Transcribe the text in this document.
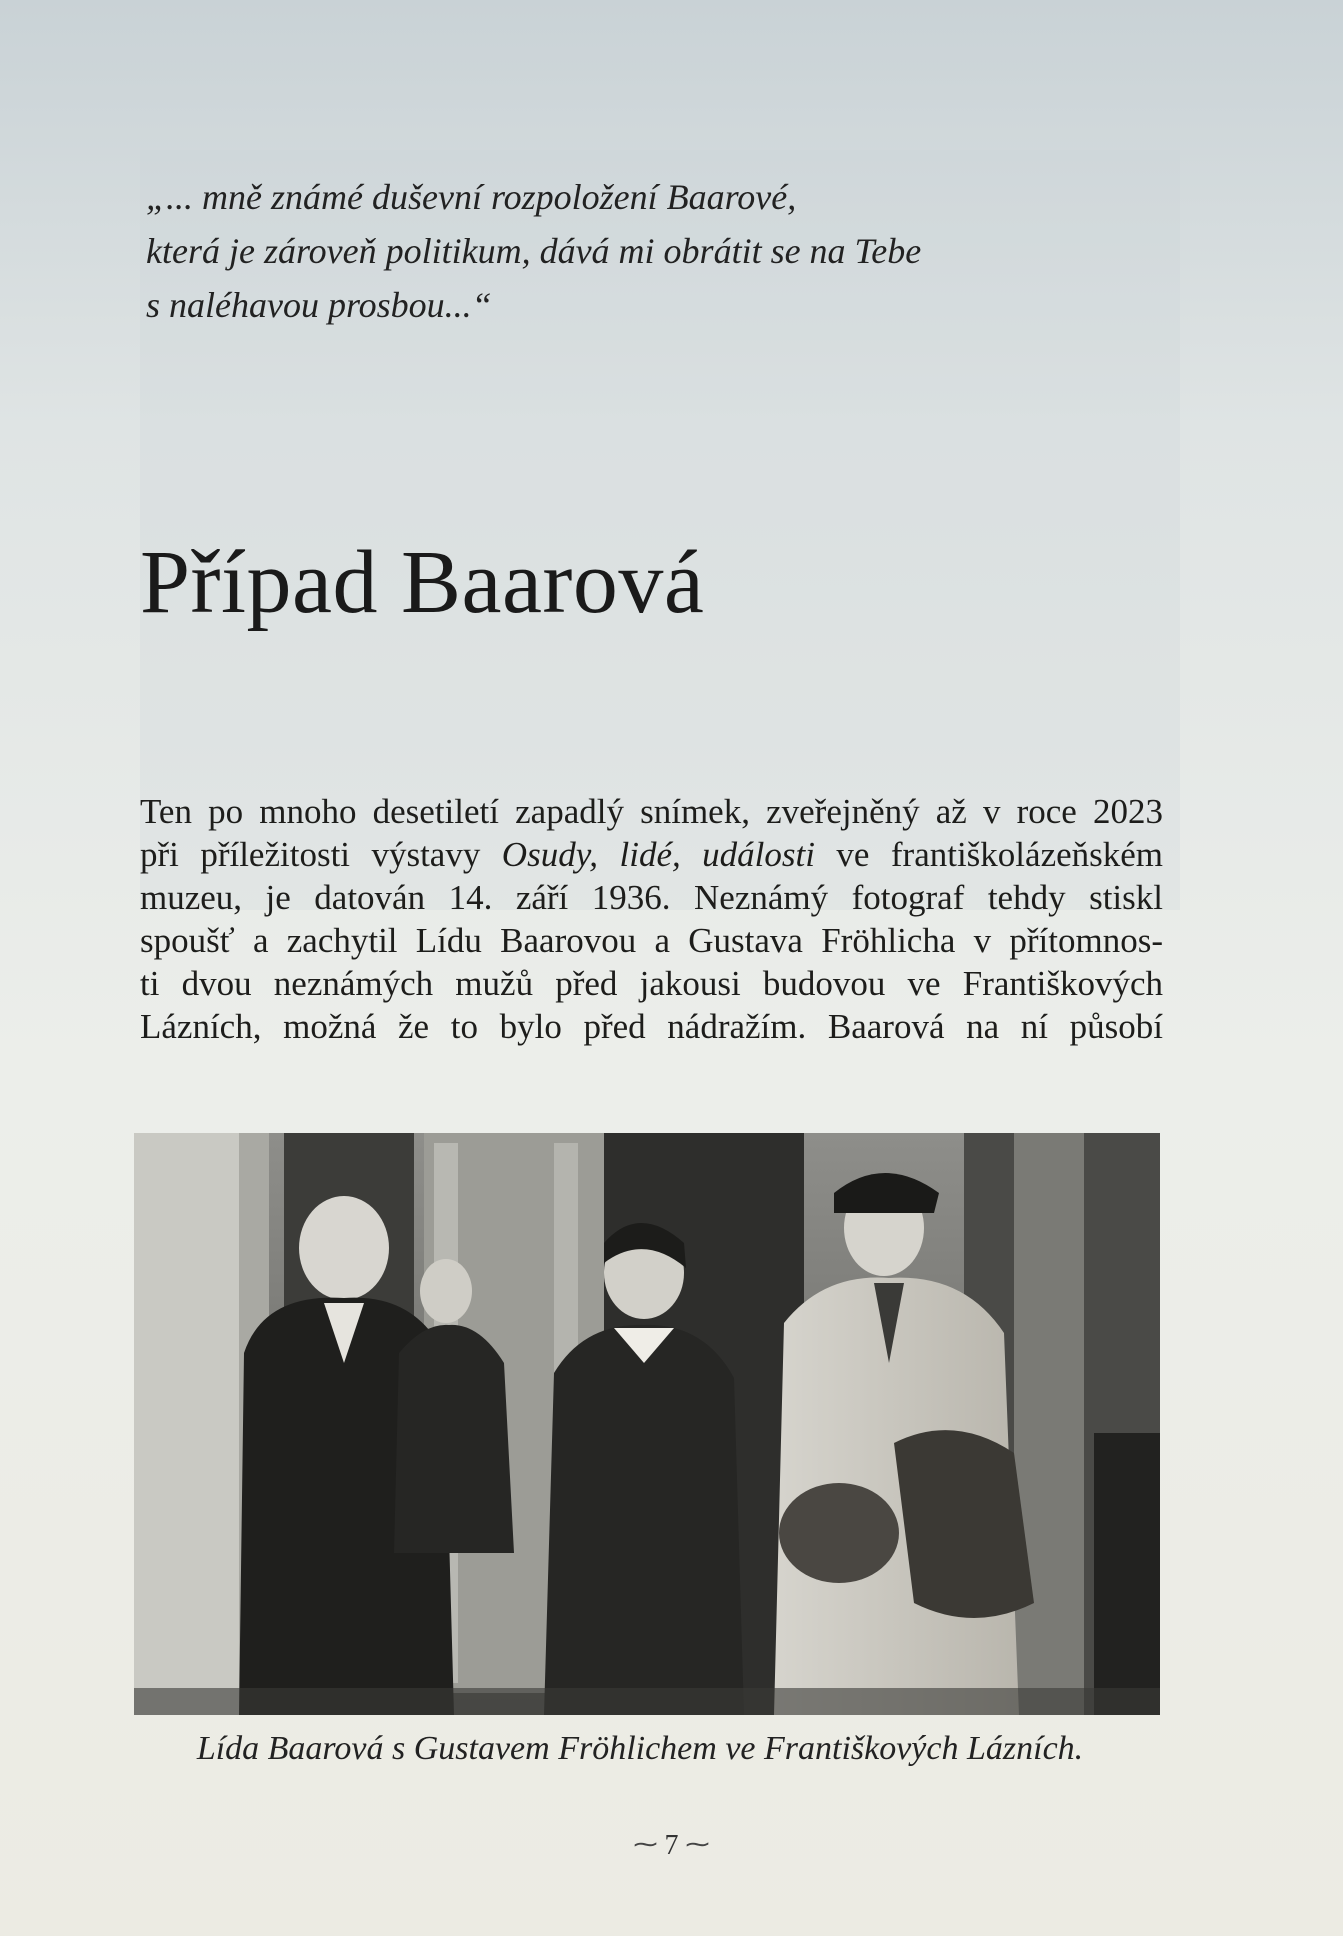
„... mně známé duševní rozpoložení Baarové,

která je zároveň politikum, dává mi obrátit se na Tebe

s naléhavou prosbou...“

Případ Baarová
Ten po mnoho desetiletí zapadlý snímek, zveřejněný až v roce 2023
při příležitosti výstavy Osudy, lidé, události ve františkolázeňském
muzeu, je datován 14. září 1936. Neznámý fotograf tehdy stiskl
spoušť a zachytil Lídu Baarovou a Gustava Fröhlicha v přítomnos-
ti dvou neznámých mužů před jakousi budovou ve Františkových
Lázních, možná že to bylo před nádražím. Baarová na ní působí
Lída Baarová s Gustavem Fröhlichem ve Františkových Lázních.
⁓ 7 ⁓
